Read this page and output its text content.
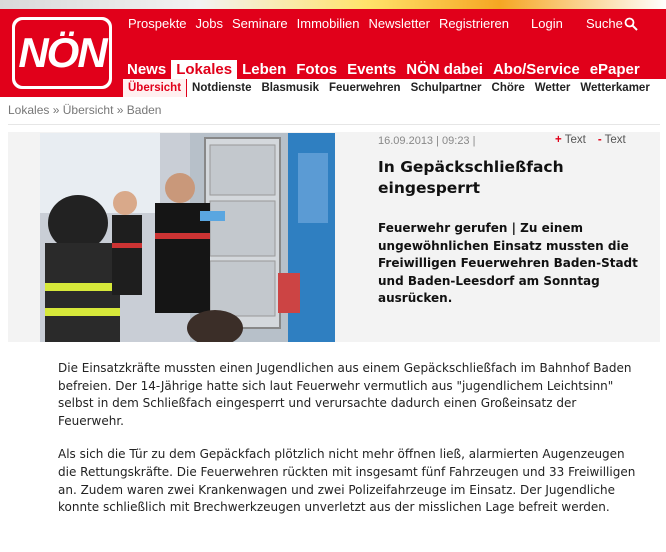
NÖN
Prospekte Jobs Seminare Immobilien Newsletter Registrieren Login Suche
News Lokales Leben Fotos Events NÖN dabei Abo/Service ePaper
Übersicht Notdienste Blasmusik Feuerwehren Schulpartner Chöre Wetter Wetterkamer
Lokales » Übersicht » Baden
16.09.2013 | 09:23 |	+ Text - Text
In Gepäckschließfach eingesperrt
Feuerwehr gerufen | Zu einem ungewöhnlichen Einsatz mussten die Freiwilligen Feuerwehren Baden-Stadt und Baden-Leesdorf am Sonntag ausrücken.

Die Einsatzkräfte mussten einen Jugendlichen aus einem Gepäckschließfach im Bahnhof Baden befreien. Der 14-Jährige hatte sich laut Feuerwehr vermutlich aus "jugendlichem Leichtsinn" selbst in dem Schließfach eingesperrt und verursachte dadurch einen Großeinsatz der Feuerwehr.

Als sich die Tür zu dem Gepäckfach plötzlich nicht mehr öffnen ließ, alarmierten Augenzeugen die Rettungskräfte. Die Feuerwehren rückten mit insgesamt fünf Fahrzeugen und 33 Freiwilligen an. Zudem waren zwei Krankenwagen und zwei Polizeifahrzeuge im Einsatz. Der Jugendliche konnte schließlich mit Brechwerkzeugen unverletzt aus der misslichen Lage befreit werden.
